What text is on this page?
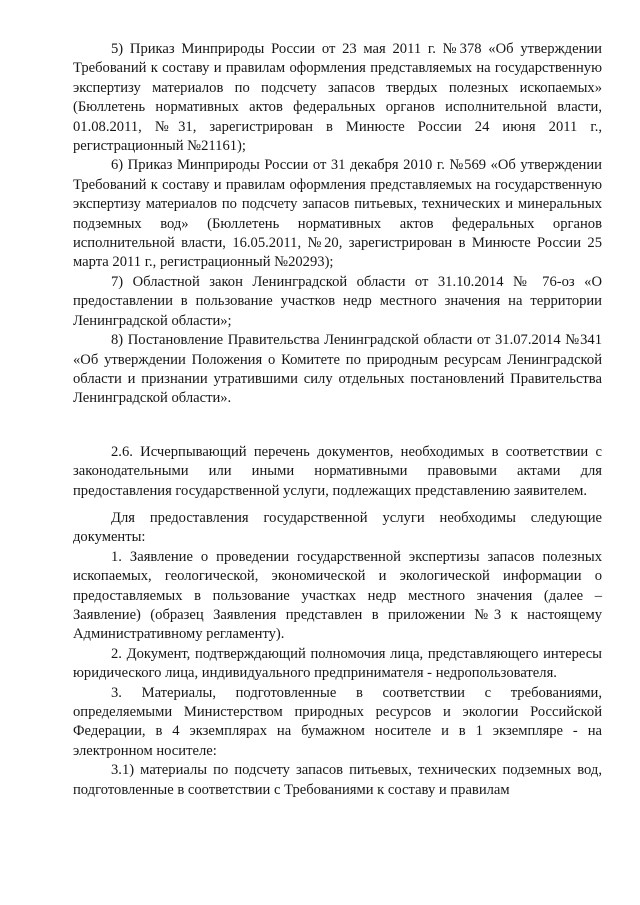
5) Приказ Минприроды России от 23 мая 2011 г. №378 «Об утверждении Требований к составу и правилам оформления представляемых на государственную экспертизу материалов по подсчету запасов твердых полезных ископаемых» (Бюллетень нормативных актов федеральных органов исполнительной власти, 01.08.2011, №31, зарегистрирован в Минюсте России 24 июня 2011 г., регистрационный №21161);

6) Приказ Минприроды России от 31 декабря 2010 г. №569 «Об утверждении Требований к составу и правилам оформления представляемых на государственную экспертизу материалов по подсчету запасов питьевых, технических и минеральных подземных вод» (Бюллетень нормативных актов федеральных органов исполнительной власти, 16.05.2011, №20, зарегистрирован в Минюсте России 25 марта 2011 г., регистрационный №20293);

7) Областной закон Ленинградской области от 31.10.2014 № 76-оз «О предоставлении в пользование участков недр местного значения на территории Ленинградской области»;

8) Постановление Правительства Ленинградской области от 31.07.2014 №341 «Об утверждении Положения о Комитете по природным ресурсам Ленинградской области и признании утратившими силу отдельных постановлений Правительства Ленинградской области».

2.6. Исчерпывающий перечень документов, необходимых в соответствии с законодательными или иными нормативными правовыми актами для предоставления государственной услуги, подлежащих представлению заявителем.

Для предоставления государственной услуги необходимы следующие документы:

1. Заявление о проведении государственной экспертизы запасов полезных ископаемых, геологической, экономической и экологической информации о предоставляемых в пользование участках недр местного значения (далее – Заявление) (образец Заявления представлен в приложении №3 к настоящему Административному регламенту).

2. Документ, подтверждающий полномочия лица, представляющего интересы юридического лица, индивидуального предпринимателя - недропользователя.

3. Материалы, подготовленные в соответствии с требованиями, определяемыми Министерством природных ресурсов и экологии Российской Федерации, в 4 экземплярах на бумажном носителе и в 1 экземпляре - на электронном носителе:

3.1) материалы по подсчету запасов питьевых, технических подземных вод, подготовленные в соответствии с Требованиями к составу и правилам
